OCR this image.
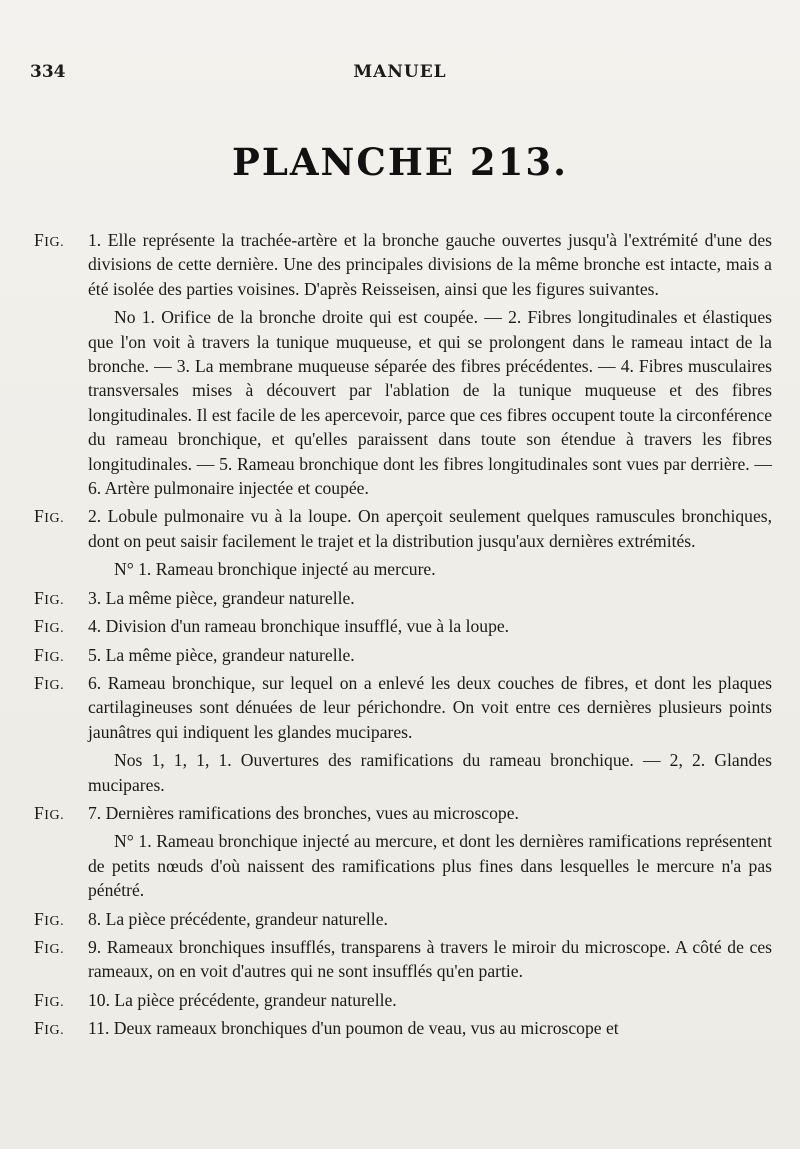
334	MANUEL
PLANCHE 213.
FIG. 1. Elle représente la trachée-artère et la bronche gauche ouvertes jusqu'à l'extrémité d'une des divisions de cette dernière. Une des principales divisions de la même bronche est intacte, mais a été isolée des parties voisines. D'après Reisseisen, ainsi que les figures suivantes.
No 1. Orifice de la bronche droite qui est coupée. — 2. Fibres longitudinales et élastiques que l'on voit à travers la tunique muqueuse, et qui se prolongent dans le rameau intact de la bronche. — 3. La membrane muqueuse séparée des fibres précédentes. — 4. Fibres musculaires transversales mises à découvert par l'ablation de la tunique muqueuse et des fibres longitudinales. Il est facile de les apercevoir, parce que ces fibres occupent toute la circonférence du rameau bronchique, et qu'elles paraissent dans toute son étendue à travers les fibres longitudinales. — 5. Rameau bronchique dont les fibres longitudinales sont vues par derrière. — 6. Artère pulmonaire injectée et coupée.
FIG. 2. Lobule pulmonaire vu à la loupe. On aperçoit seulement quelques ramuscules bronchiques, dont on peut saisir facilement le trajet et la distribution jusqu'aux dernières extrémités.
N° 1. Rameau bronchique injecté au mercure.
FIG. 3. La même pièce, grandeur naturelle.
FIG. 4. Division d'un rameau bronchique insufflé, vue à la loupe.
FIG. 5. La même pièce, grandeur naturelle.
FIG. 6. Rameau bronchique, sur lequel on a enlevé les deux couches de fibres, et dont les plaques cartilagineuses sont dénuées de leur périchondre. On voit entre ces dernières plusieurs points jaunâtres qui indiquent les glandes mucipares.
Nos 1, 1, 1, 1. Ouvertures des ramifications du rameau bronchique. — 2, 2. Glandes mucipares.
FIG. 7. Dernières ramifications des bronches, vues au microscope.
N° 1. Rameau bronchique injecté au mercure, et dont les dernières ramifications représentent de petits nœuds d'où naissent des ramifications plus fines dans lesquelles le mercure n'a pas pénétré.
FIG. 8. La pièce précédente, grandeur naturelle.
FIG. 9. Rameaux bronchiques insufflés, transparens à travers le miroir du microscope. A côté de ces rameaux, on en voit d'autres qui ne sont insufflés qu'en partie.
FIG. 10. La pièce précédente, grandeur naturelle.
FIG. 11. Deux rameaux bronchiques d'un poumon de veau, vus au microscope et
